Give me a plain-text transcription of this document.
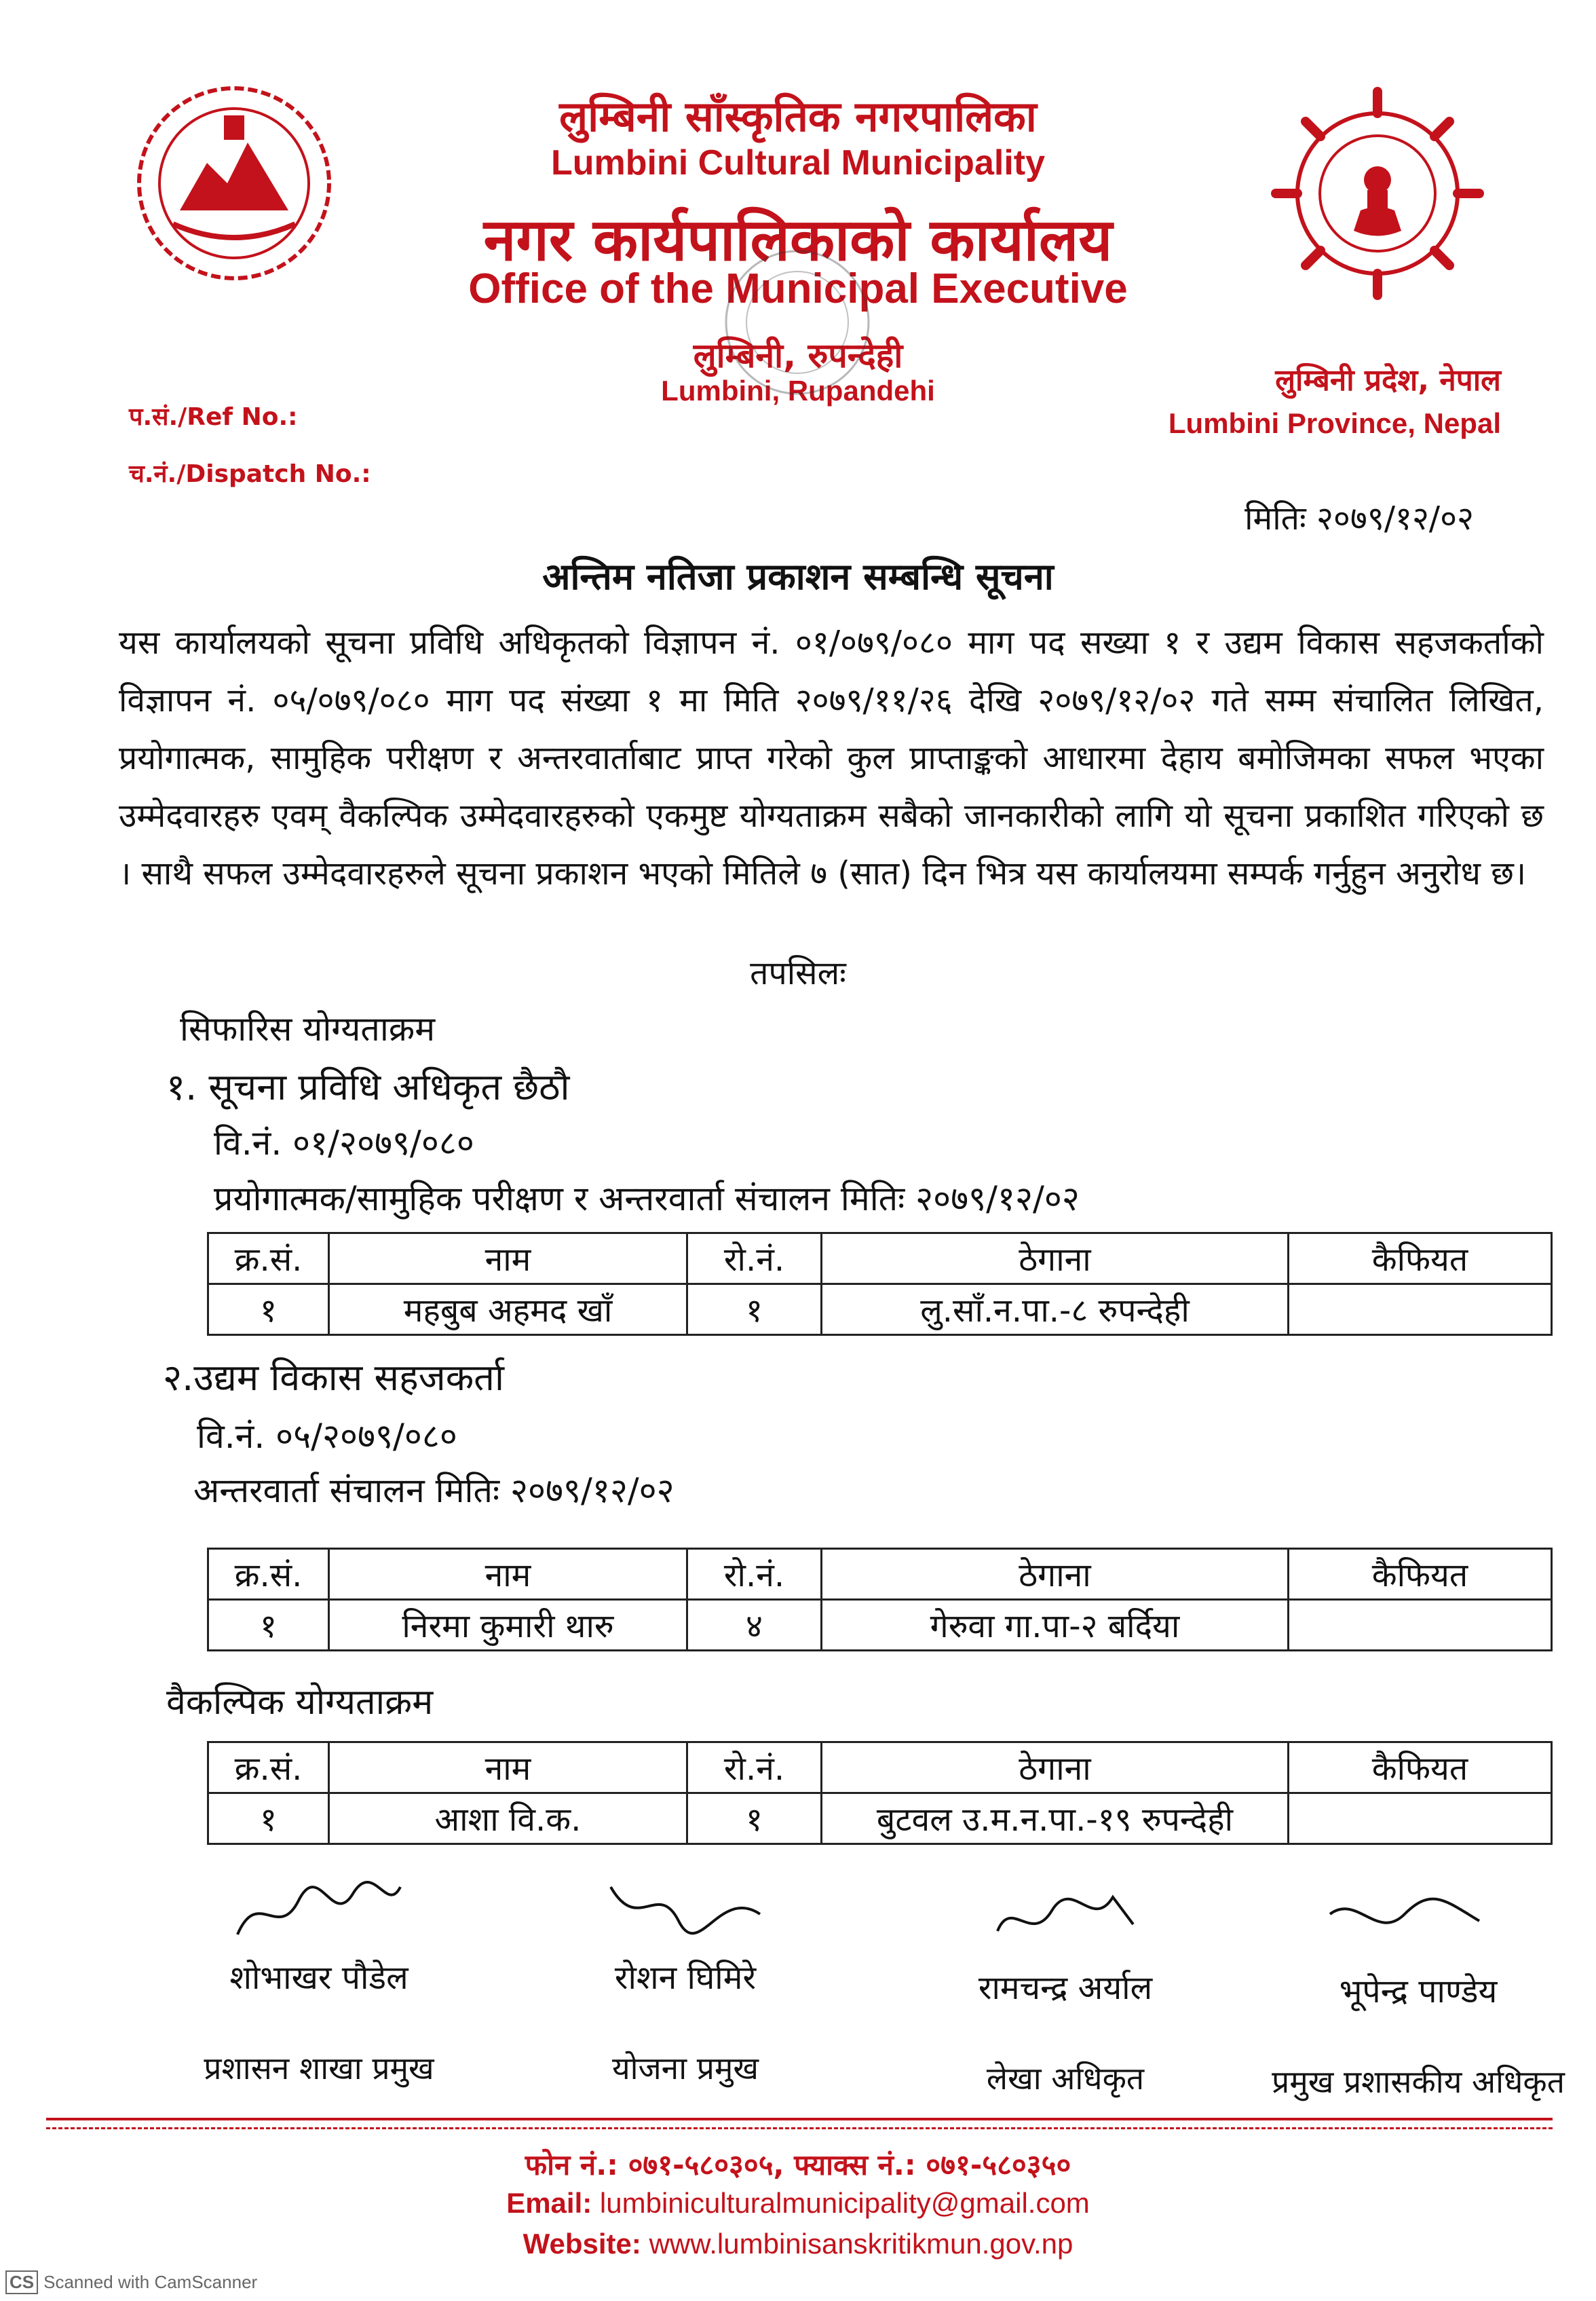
लुम्बिनी साँस्कृतिक नगरपालिका
Lumbini Cultural Municipality
नगर कार्यपालिकाको कार्यालय
Office of the Municipal Executive
लुम्बिनी, रुपन्देही
Lumbini, Rupandehi	लुम्बिनी प्रदेश, नेपाल
Lumbini Province, Nepal
प.सं./Ref No.:
च.नं./Dispatch No.:
मितिः २०७९/१२/०२
अन्तिम नतिजा प्रकाशन सम्बन्धि सूचना
यस कार्यालयको सूचना प्रविधि अधिकृतको विज्ञापन नं. ०१/०७९/०८० माग पद सख्या १ र उद्यम विकास सहजकर्ताको विज्ञापन नं. ०५/०७९/०८० माग पद संख्या १ मा मिति २०७९/११/२६ देखि २०७९/१२/०२ गते सम्म संचालित लिखित, प्रयोगात्मक, सामुहिक परीक्षण र अन्तरवार्ताबाट प्राप्त गरेको कुल प्राप्ताङ्कको आधारमा देहाय बमोजिमका सफल भएका उम्मेदवारहरु एवम् वैकल्पिक उम्मेदवारहरुको एकमुष्ट योग्यताक्रम सबैको जानकारीको लागि यो सूचना प्रकाशित गरिएको छ । साथै सफल उम्मेदवारहरुले सूचना प्रकाशन भएको मितिले ७ (सात) दिन भित्र यस कार्यालयमा सम्पर्क गर्नुहुन अनुरोध छ।
तपसिलः
सिफारिस योग्यताक्रम
१. सूचना प्रविधि अधिकृत छैठौ
वि.नं. ०१/२०७९/०८०
प्रयोगात्मक/सामुहिक परीक्षण र अन्तरवार्ता संचालन मितिः २०७९/१२/०२
क्र.सं.	नाम	रो.नं.	ठेगाना	कैफियत
१	महबुब अहमद खाँ	१	लु.साँ.न.पा.-८ रुपन्देही	
२.उद्यम विकास सहजकर्ता
वि.नं. ०५/२०७९/०८०
अन्तरवार्ता संचालन मितिः २०७९/१२/०२
क्र.सं.	नाम	रो.नं.	ठेगाना	कैफियत
१	निरमा कुमारी थारु	४	गेरुवा गा.पा-२ बर्दिया	
वैकल्पिक योग्यताक्रम
क्र.सं.	नाम	रो.नं.	ठेगाना	कैफियत
१	आशा वि.क.	१	बुटवल उ.म.न.पा.-१९ रुपन्देही	
शोभाखर पौडेल
प्रशासन शाखा प्रमुख
रोशन घिमिरे
योजना प्रमुख
रामचन्द्र अर्याल
लेखा अधिकृत
भूपेन्द्र पाण्डेय
प्रमुख प्रशासकीय अधिकृत
फोन नं.: ०७१-५८०३०५, फ्याक्स नं.: ०७१-५८०३५०
Email: lumbiniculturalmunicipality@gmail.com
Website: www.lumbinisanskritikmun.gov.np
CS Scanned with CamScanner
